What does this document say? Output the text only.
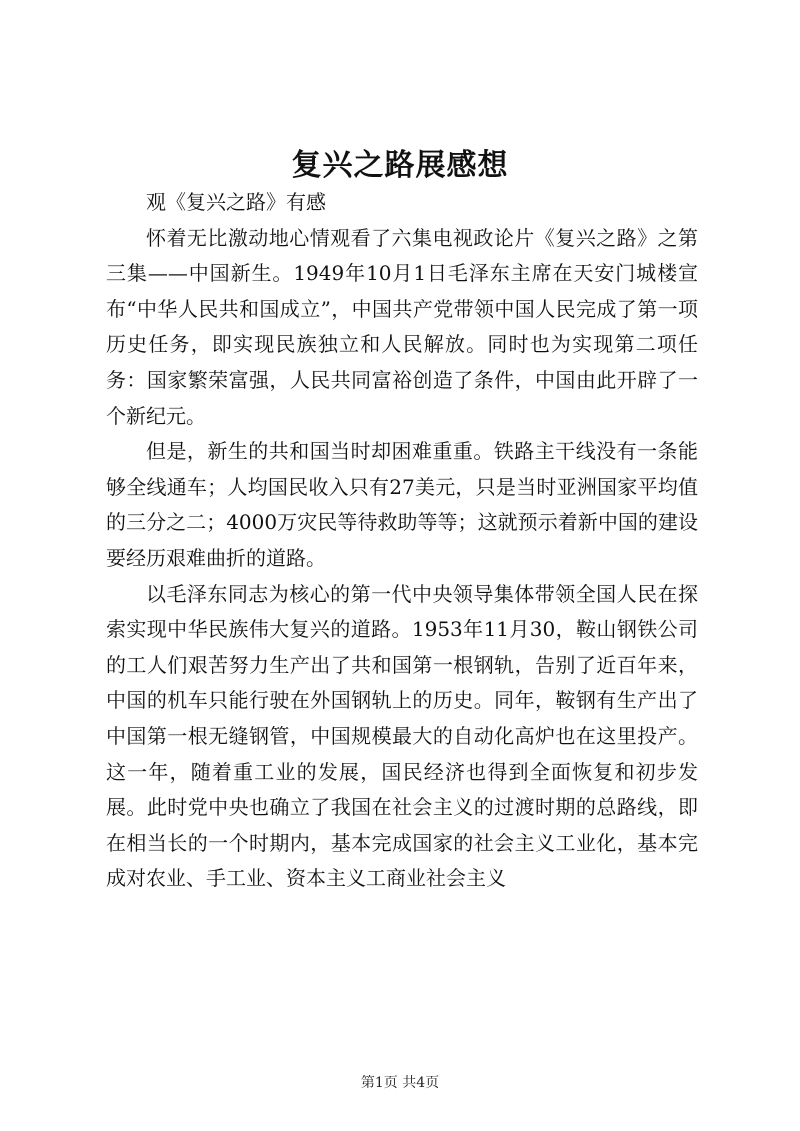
复兴之路展感想

观《复兴之路》有感

怀着无比激动地心情观看了六集电视政论片《复兴之路》之第三集——中国新生。1949年10月1日毛泽东主席在天安门城楼宣布“中华人民共和国成立”，中国共产党带领中国人民完成了第一项历史任务，即实现民族独立和人民解放。同时也为实现第二项任务：国家繁荣富强，人民共同富裕创造了条件，中国由此开辟了一个新纪元。

但是，新生的共和国当时却困难重重。铁路主干线没有一条能够全线通车；人均国民收入只有27美元，只是当时亚洲国家平均值的三分之二；4000万灾民等待救助等等；这就预示着新中国的建设要经历艰难曲折的道路。

以毛泽东同志为核心的第一代中央领导集体带领全国人民在探索实现中华民族伟大复兴的道路。1953年11月30，鞍山钢铁公司的工人们艰苦努力生产出了共和国第一根钢轨，告别了近百年来，中国的机车只能行驶在外国钢轨上的历史。同年，鞍钢有生产出了中国第一根无缝钢管，中国规模最大的自动化高炉也在这里投产。这一年，随着重工业的发展，国民经济也得到全面恢复和初步发展。此时党中央也确立了我国在社会主义的过渡时期的总路线，即在相当长的一个时期内，基本完成国家的社会主义工业化，基本完成对农业、手工业、资本主义工商业社会主义

第1页 共4页
